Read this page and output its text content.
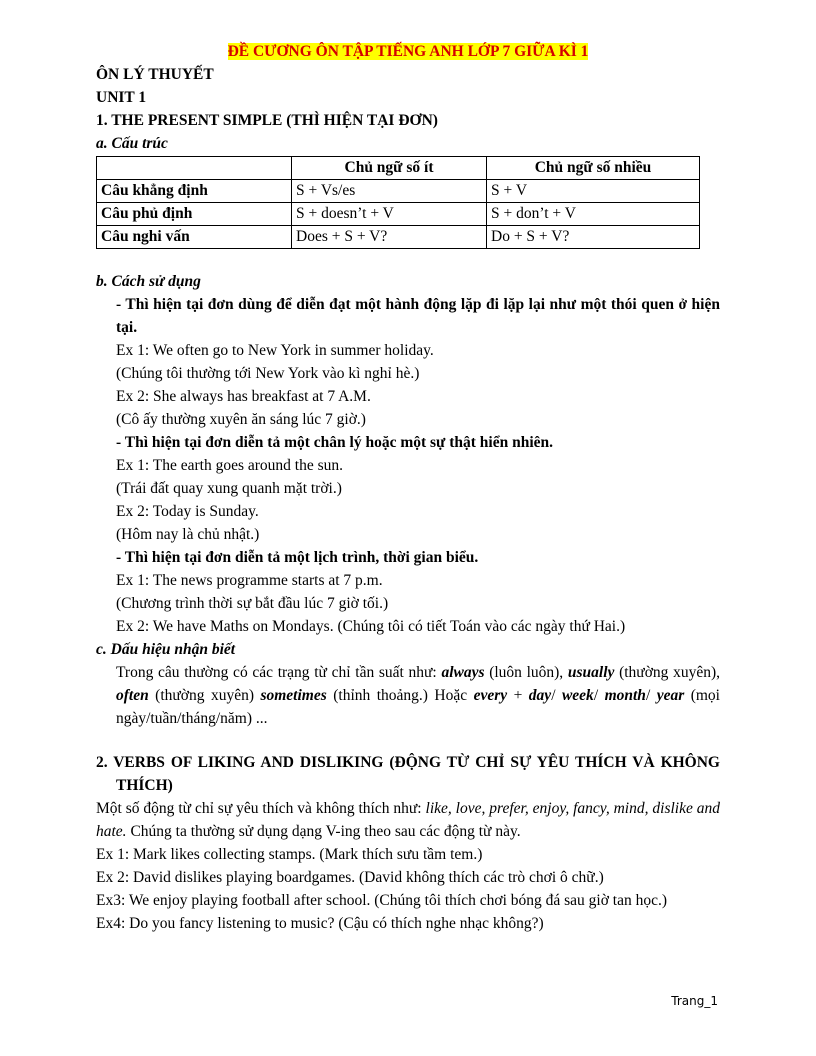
ĐỀ CƯƠNG ÔN TẬP TIẾNG ANH LỚP 7 GIỮA KÌ 1
ÔN LÝ THUYẾT
UNIT 1
1. THE PRESENT SIMPLE (THÌ HIỆN TẠI ĐƠN)
a. Cấu trúc
	Chủ ngữ số ít	Chủ ngữ số nhiều
Câu khẳng định	S + Vs/es	S + V
Câu phủ định	S + doesn’t + V	S + don’t + V
Câu nghi vấn	Does + S + V?	Do + S + V?
b. Cách sử dụng
- Thì hiện tại đơn dùng để diễn đạt một hành động lặp đi lặp lại như một thói quen ở hiện tại.
Ex 1: We often go to New York in summer holiday.
(Chúng tôi thường tới New York vào kì nghỉ hè.)
Ex 2: She always has breakfast at 7 A.M.
(Cô ấy thường xuyên ăn sáng lúc 7 giờ.)
- Thì hiện tại đơn diễn tả một chân lý hoặc một sự thật hiển nhiên.
Ex 1: The earth goes around the sun.
(Trái đất quay xung quanh mặt trời.)
Ex 2: Today is Sunday.
(Hôm nay là chủ nhật.)
- Thì hiện tại đơn diễn tả một lịch trình, thời gian biểu.
Ex 1: The news programme starts at 7 p.m.
(Chương trình thời sự bắt đầu lúc 7 giờ tối.)
Ex 2: We have Maths on Mondays. (Chúng tôi có tiết Toán vào các ngày thứ Hai.)
c. Dấu hiệu nhận biết
Trong câu thường có các trạng từ chỉ tần suất như: always (luôn luôn), usually (thường xuyên), often (thường xuyên) sometimes (thỉnh thoảng.) Hoặc every + day/ week/ month/ year (mọi ngày/tuần/tháng/năm) ...
2. VERBS OF LIKING AND DISLIKING (ĐỘNG TỪ CHỈ SỰ YÊU THÍCH VÀ KHÔNG THÍCH)
Một số động từ chỉ sự yêu thích và không thích như: like, love, prefer, enjoy, fancy, mind, dislike and hate. Chúng ta thường sử dụng dạng V-ing theo sau các động từ này.
Ex 1: Mark likes collecting stamps. (Mark thích sưu tầm tem.)
Ex 2: David dislikes playing boardgames. (David không thích các trò chơi ô chữ.)
Ex3: We enjoy playing football after school. (Chúng tôi thích chơi bóng đá sau giờ tan học.)
Ex4: Do you fancy listening to music? (Cậu có thích nghe nhạc không?)
Trang_1
